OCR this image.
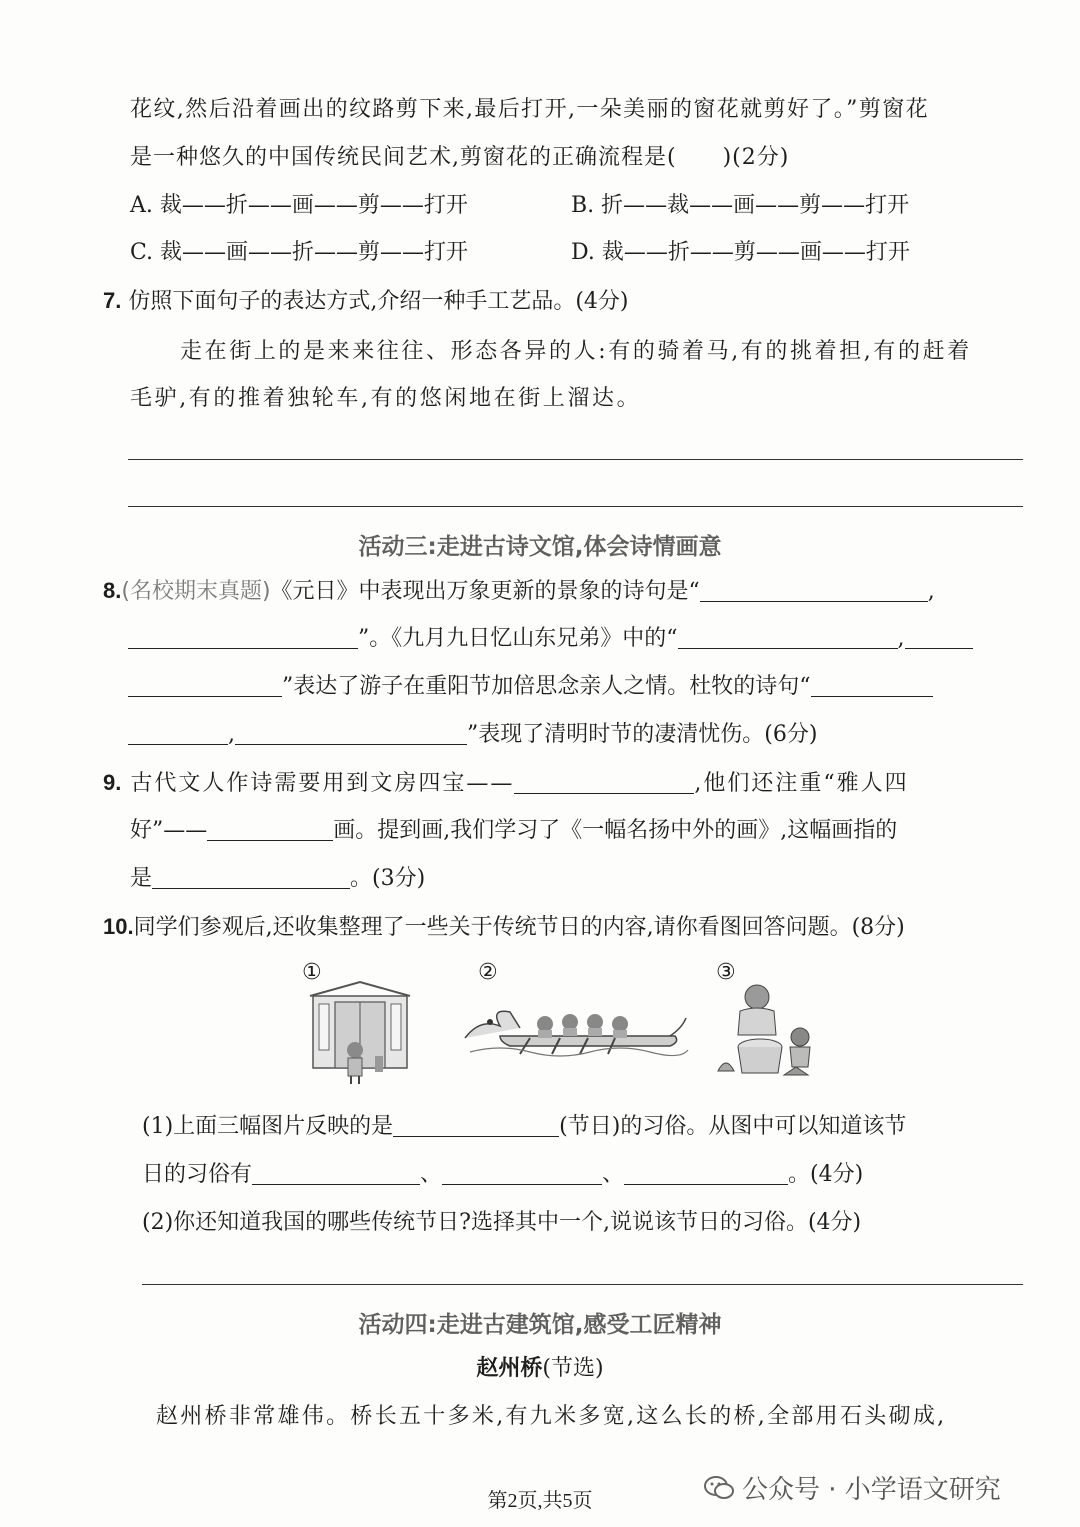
花纹,然后沿着画出的纹路剪下来,最后打开,一朵美丽的窗花就剪好了。”剪窗花
是一种悠久的中国传统民间艺术,剪窗花的正确流程是(　　)(2分)
A. 裁——折——画——剪——打开	B. 折——裁——画——剪——打开
C. 裁——画——折——剪——打开	D. 裁——折——剪——画——打开
7. 仿照下面句子的表达方式,介绍一种手工艺品。(4分)
走在街上的是来来往往、形态各异的人:有的骑着马,有的挑着担,有的赶着
毛驴,有的推着独轮车,有的悠闲地在街上溜达。
活动三:走进古诗文馆,体会诗情画意
8.(名校期末真题)《元日》中表现出万象更新的景象的诗句是“	,
”。《九月九日忆山东兄弟》中的“	,
”表达了游子在重阳节加倍思念亲人之情。杜牧的诗句“
,	”表现了清明时节的凄清忧伤。(6分)
9. 古代文人作诗需要用到文房四宝——	,他们还注重“雅人四
好”——	画。提到画,我们学习了《一幅名扬中外的画》,这幅画指的
是	。(3分)
10.同学们参观后,还收集整理了一些关于传统节日的内容,请你看图回答问题。(8分)
①	②	③
(1)上面三幅图片反映的是	(节日)的习俗。从图中可以知道该节
日的习俗有	、	、	。(4分)
(2)你还知道我国的哪些传统节日?选择其中一个,说说该节日的习俗。(4分)
活动四:走进古建筑馆,感受工匠精神
赵州桥(节选)
赵州桥非常雄伟。桥长五十多米,有九米多宽,这么长的桥,全部用石头砌成,
第2页,共5页	公众号 · 小学语文研究
